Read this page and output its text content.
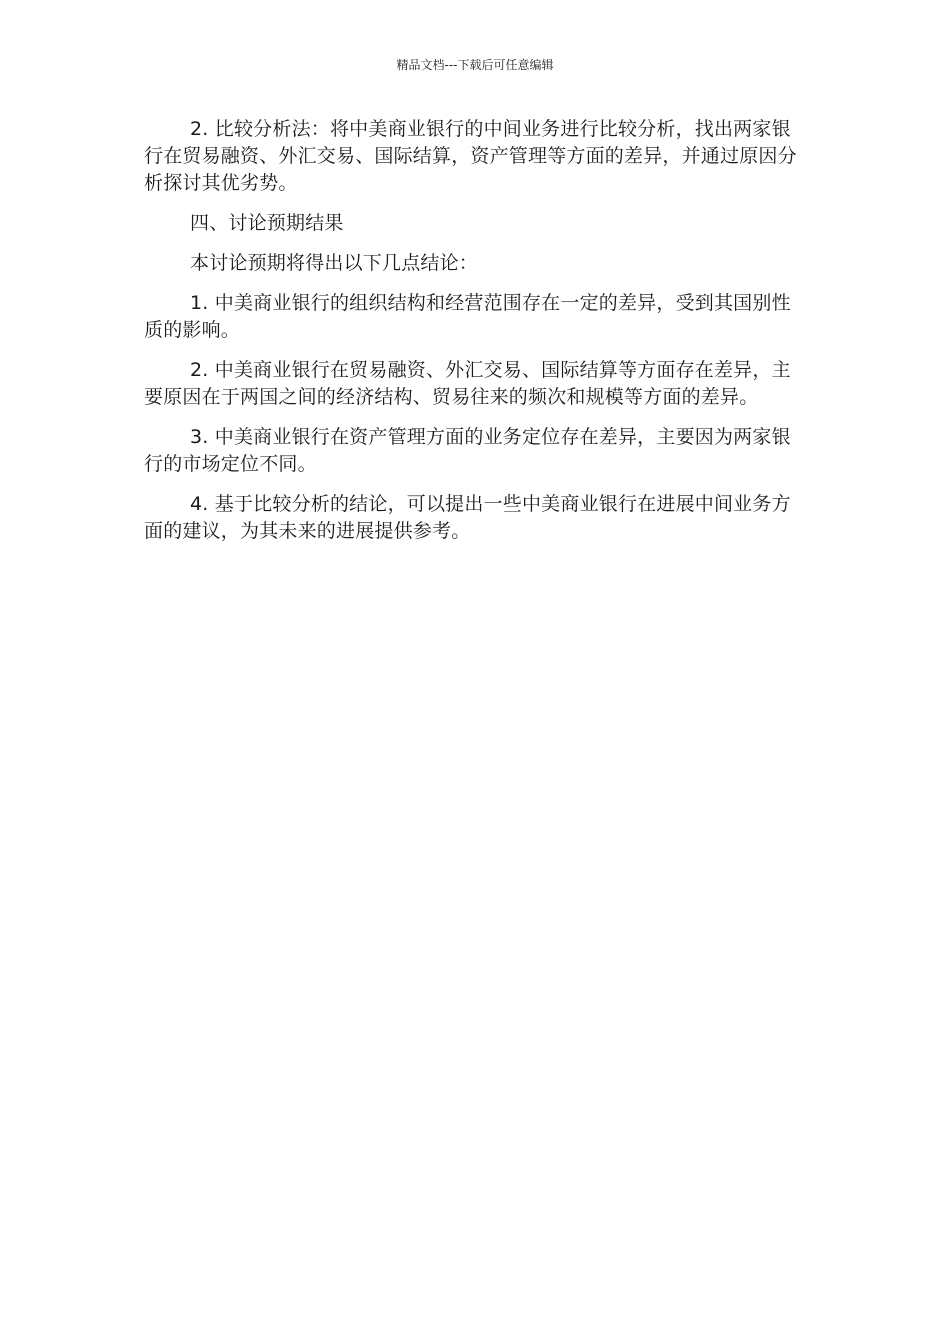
精品文档---下载后可任意编辑

2. 比较分析法：将中美商业银行的中间业务进行比较分析，找出两家银行在贸易融资、外汇交易、国际结算，资产管理等方面的差异，并通过原因分析探讨其优劣势。

四、讨论预期结果

本讨论预期将得出以下几点结论：

1. 中美商业银行的组织结构和经营范围存在一定的差异，受到其国别性质的影响。

2. 中美商业银行在贸易融资、外汇交易、国际结算等方面存在差异，主要原因在于两国之间的经济结构、贸易往来的频次和规模等方面的差异。

3. 中美商业银行在资产管理方面的业务定位存在差异，主要因为两家银行的市场定位不同。

4. 基于比较分析的结论，可以提出一些中美商业银行在进展中间业务方面的建议，为其未来的进展提供参考。
